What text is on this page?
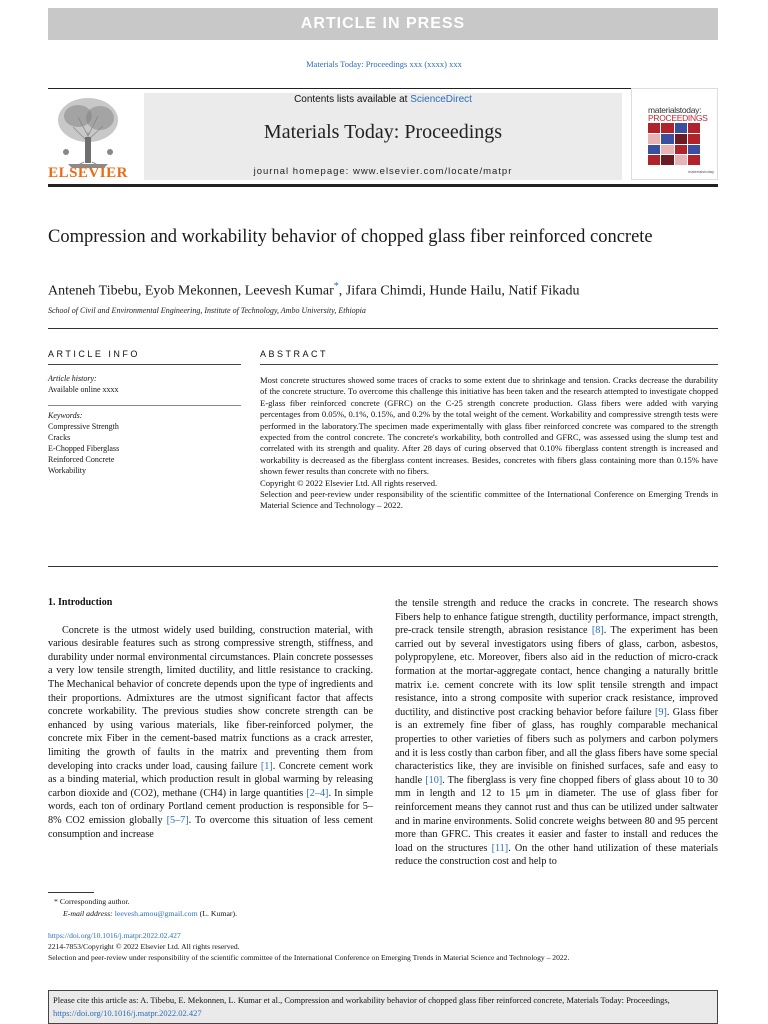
ARTICLE IN PRESS
Materials Today: Proceedings xxx (xxxx) xxx
ELSEVIER
Contents lists available at ScienceDirect
Materials Today: Proceedings
journal homepage: www.elsevier.com/locate/matpr
materialstoday:
PROCEEDINGS
materialstoday
Compression and workability behavior of chopped glass fiber reinforced concrete
Anteneh Tibebu, Eyob Mekonnen, Leevesh Kumar*, Jifara Chimdi, Hunde Hailu, Natif Fikadu
School of Civil and Environmental Engineering, Institute of Technology, Ambo University, Ethiopia
ARTICLE INFO	ABSTRACT
Article history:
Available online xxxx
Keywords:
Compressive Strength
Cracks
E-Chopped Fiberglass
Reinforced Concrete
Workability

Most concrete structures showed some traces of cracks to some extent due to shrinkage and tension. Cracks decrease the durability of the concrete structure. To overcome this challenge this initiative has been taken and the research attempted to investigate chopped E-glass fiber reinforced concrete (GFRC) on the C-25 strength concrete production. Glass fibers were added with varying percentages from 0.05%, 0.1%, 0.15%, and 0.2% by the total weight of the cement. Workability and compressive strength tests were performed in the laboratory.The specimen made experimentally with glass fiber reinforced concrete was compared to the strength expected from the control concrete. The concrete's workability, both controlled and GFRC, was assessed using the slump test and correlated with its strength and quality. After 28 days of curing observed that 0.10% fiberglass content strength is increased and workability is decreased as the fiberglass content increases. Besides, concretes with fibers glass containing more than 0.15% have shown fewer results than concrete with no fibers.

Copyright © 2022 Elsevier Ltd. All rights reserved.

Selection and peer-review under responsibility of the scientific committee of the International Conference on Emerging Trends in Material Science and Technology – 2022.

1. Introduction

Concrete is the utmost widely used building, construction material, with various desirable features such as strong compressive strength, stiffness, and durability under normal environmental circumstances. Plain concrete possesses a very low tensile strength, limited ductility, and little resistance to cracking. The Mechanical behavior of concrete depends upon the type of ingredients and their proportions. Admixtures are the utmost significant factor that affects concrete workability. The previous studies show concrete strength can be enhanced by using various materials, like fiber-reinforced polymer, the concrete mix Fiber in the cement-based matrix functions as a crack arrester, limiting the growth of faults in the matrix and preventing them from developing into cracks under load, causing failure [1]. Concrete cement work as a binding material, which production result in global warming by releasing carbon dioxide and (CO2), methane (CH4) in large quantities [2–4]. In simple words, each ton of ordinary Portland cement production is responsible for 5–8% CO2 emission globally [5–7]. To overcome this situation of less cement consumption and increase

the tensile strength and reduce the cracks in concrete. The research shows Fibers help to enhance fatigue strength, ductility performance, impact strength, pre-crack tensile strength, abrasion resistance [8]. The experiment has been carried out by several investigators using fibers of glass, carbon, asbestos, polypropylene, etc. Moreover, fibers also aid in the reduction of micro-crack formation at the mortar-aggregate contact, hence changing a naturally brittle matrix i.e. cement concrete with its low split tensile strength and impact resistance, into a strong composite with superior crack resistance, improved ductility, and distinctive post cracking behavior before failure [9]. Glass fiber is an extremely fine fiber of glass, has roughly comparable mechanical properties to other varieties of fibers such as polymers and carbon polymers and it is less costly than carbon fiber, and all the glass fibers have some special characteristics like, they are invisible on finished surfaces, safe and easy to handle [10]. The fiberglass is very fine chopped fibers of glass about 10 to 30 mm in length and 12 to 15 μm in diameter. The use of glass fiber for reinforcement means they cannot rust and thus can be utilized under saltwater and in marine environments. Solid concrete weighs between 80 and 95 percent more than GFRC. This creates it easier and faster to install and reduces the load on the structures [11]. On the other hand utilization of these materials reduce the construction cost and help to

* Corresponding author.
E-mail address: leevesh.amou@gmail.com (L. Kumar).
https://doi.org/10.1016/j.matpr.2022.02.427
2214-7853/Copyright © 2022 Elsevier Ltd. All rights reserved.
Selection and peer-review under responsibility of the scientific committee of the International Conference on Emerging Trends in Material Science and Technology – 2022.
Please cite this article as: A. Tibebu, E. Mekonnen, L. Kumar et al., Compression and workability behavior of chopped glass fiber reinforced concrete, Materials Today: Proceedings, https://doi.org/10.1016/j.matpr.2022.02.427
